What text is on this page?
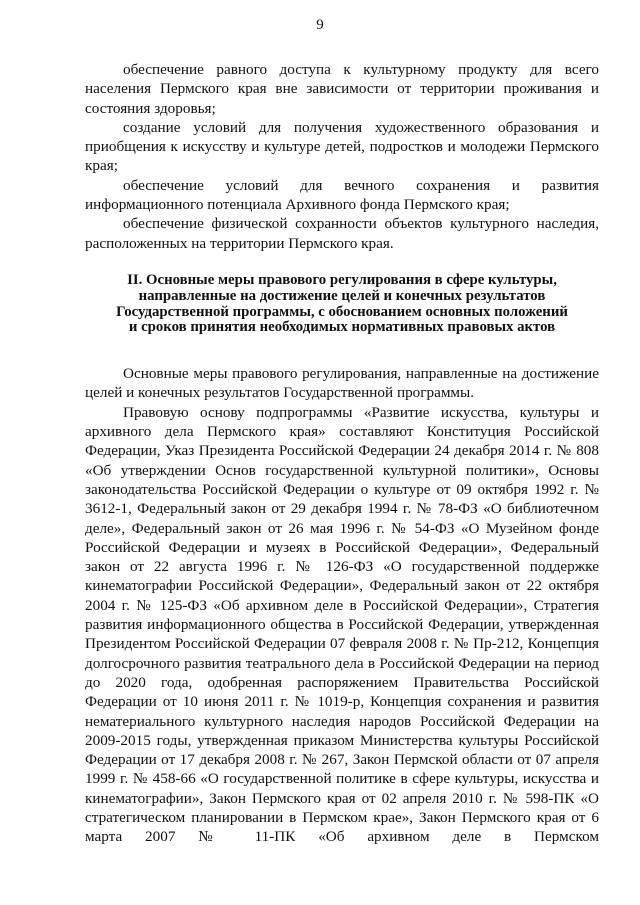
9

обеспечение равного доступа к культурному продукту для всего населения Пермского края вне зависимости от территории проживания и состояния здоровья;

создание условий для получения художественного образования и приобщения к искусству и культуре детей, подростков и молодежи Пермского края;

обеспечение условий для вечного сохранения и развития информационного потенциала Архивного фонда Пермского края;

обеспечение физической сохранности объектов культурного наследия, расположенных на территории Пермского края.

II. Основные меры правового регулирования в сфере культуры,
направленные на достижение целей и конечных результатов
Государственной программы, с обоснованием основных положений
и сроков принятия необходимых нормативных правовых актов

Основные меры правового регулирования, направленные на достижение целей и конечных результатов Государственной программы.

Правовую основу подпрограммы «Развитие искусства, культуры и архивного дела Пермского края» составляют Конституция Российской Федерации, Указ Президента Российской Федерации 24 декабря 2014 г. № 808 «Об утверждении Основ государственной культурной политики», Основы законодательства Российской Федерации о культуре от 09 октября 1992 г. № 3612-1, Федеральный закон от 29 декабря 1994 г. № 78-ФЗ «О библиотечном деле», Федеральный закон от 26 мая 1996 г. № 54-ФЗ «О Музейном фонде Российской Федерации и музеях в Российской Федерации», Федеральный закон от 22 августа 1996 г. № 126-ФЗ «О государственной поддержке кинематографии Российской Федерации», Федеральный закон от 22 октября 2004 г. № 125-ФЗ «Об архивном деле в Российской Федерации», Стратегия развития информационного общества в Российской Федерации, утвержденная Президентом Российской Федерации 07 февраля 2008 г. № Пр-212, Концепция долгосрочного развития театрального дела в Российской Федерации на период до 2020 года, одобренная распоряжением Правительства Российской Федерации от 10 июня 2011 г. № 1019-р, Концепция сохранения и развития нематериального культурного наследия народов Российской Федерации на 2009-2015 годы, утвержденная приказом Министерства культуры Российской Федерации от 17 декабря 2008 г. № 267, Закон Пермской области от 07 апреля 1999 г. № 458-66 «О государственной политике в сфере культуры, искусства и кинематографии», Закон Пермского края от 02 апреля 2010 г. № 598-ПК «О стратегическом планировании в Пермском крае», Закон Пермского края от 6 марта 2007 № 11-ПК «Об архивном деле в Пермском
